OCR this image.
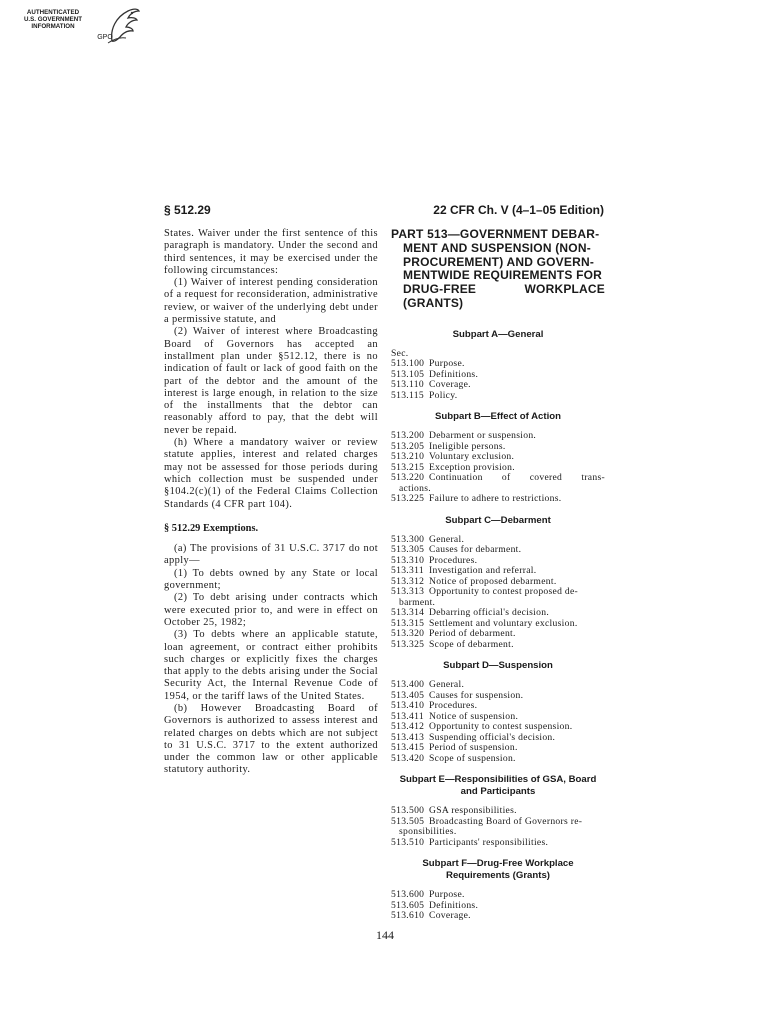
AUTHENTICATED
U.S. GOVERNMENT
INFORMATION
GPO
§ 512.29	22 CFR Ch. V (4–1–05 Edition)

States. Waiver under the first sentence of this paragraph is mandatory. Under the second and third sentences, it may be exercised under the following circumstances:

(1) Waiver of interest pending consideration of a request for reconsideration, administrative review, or waiver of the underlying debt under a permissive statute, and

(2) Waiver of interest where Broadcasting Board of Governors has accepted an installment plan under §512.12, there is no indication of fault or lack of good faith on the part of the debtor and the amount of the interest is large enough, in relation to the size of the installments that the debtor can reasonably afford to pay, that the debt will never be repaid.

(h) Where a mandatory waiver or review statute applies, interest and related charges may not be assessed for those periods during which collection must be suspended under §104.2(c)(1) of the Federal Claims Collection Standards (4 CFR part 104).

§ 512.29 Exemptions.

(a) The provisions of 31 U.S.C. 3717 do not apply—

(1) To debts owned by any State or local government;

(2) To debt arising under contracts which were executed prior to, and were in effect on October 25, 1982;

(3) To debts where an applicable statute, loan agreement, or contract either prohibits such charges or explicitly fixes the charges that apply to the debts arising under the Social Security Act, the Internal Revenue Code of 1954, or the tariff laws of the United States.

(b) However Broadcasting Board of Governors is authorized to assess interest and related charges on debts which are not subject to 31 U.S.C. 3717 to the extent authorized under the common law or other applicable statutory authority.

PART 513—GOVERNMENT DEBAR-
MENT AND SUSPENSION (NON-
PROCUREMENT) AND GOVERN-
MENTWIDE REQUIREMENTS FOR
DRUG-FREE	WORKPLACE
(GRANTS)
Subpart A—General
Sec.
513.100 Purpose.
513.105 Definitions.
513.110 Coverage.
513.115 Policy.
Subpart B—Effect of Action
513.200 Debarment or suspension.
513.205 Ineligible persons.
513.210 Voluntary exclusion.
513.215 Exception provision.
513.220 Continuation of covered trans-
actions.
513.225 Failure to adhere to restrictions.
Subpart C—Debarment
513.300 General.
513.305 Causes for debarment.
513.310 Procedures.
513.311 Investigation and referral.
513.312 Notice of proposed debarment.
513.313 Opportunity to contest proposed de-
barment.
513.314 Debarring official's decision.
513.315 Settlement and voluntary exclusion.
513.320 Period of debarment.
513.325 Scope of debarment.
Subpart D—Suspension
513.400 General.
513.405 Causes for suspension.
513.410 Procedures.
513.411 Notice of suspension.
513.412 Opportunity to contest suspension.
513.413 Suspending official's decision.
513.415 Period of suspension.
513.420 Scope of suspension.
Subpart E—Responsibilities of GSA, Board and Participants
513.500 GSA responsibilities.
513.505 Broadcasting Board of Governors re-
sponsibilities.
513.510 Participants' responsibilities.
Subpart F—Drug-Free Workplace Requirements (Grants)
513.600 Purpose.
513.605 Definitions.
513.610 Coverage.
144
